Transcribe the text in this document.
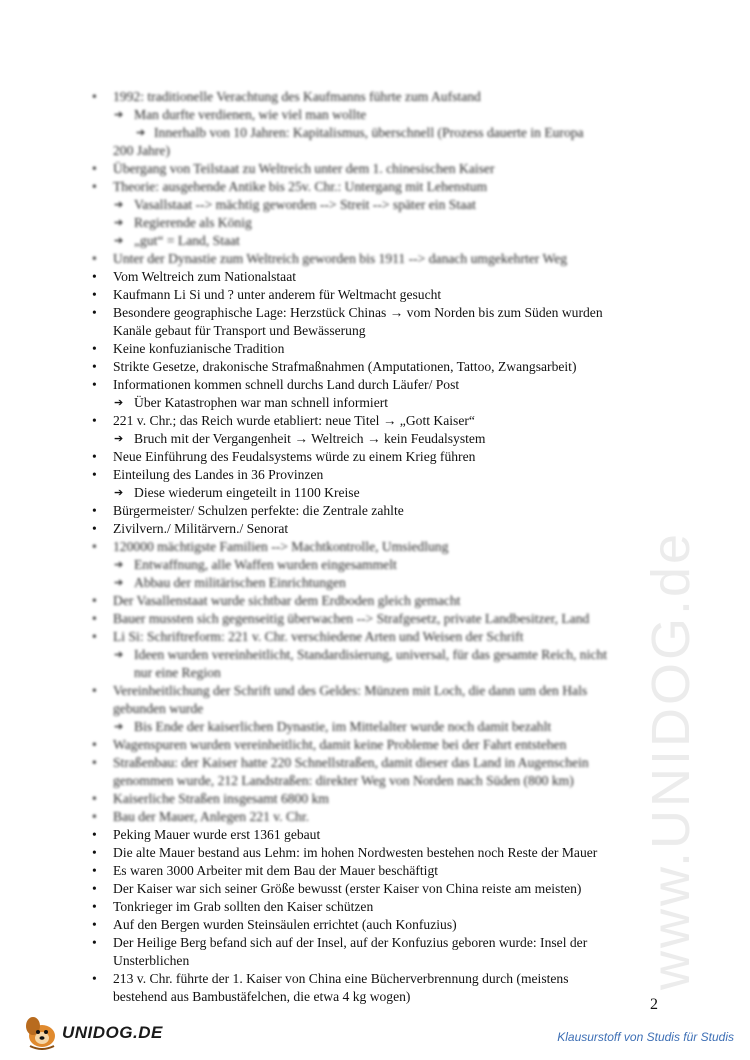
www.UNIDOG.de
• 1992: traditionelle Verachtung des Kaufmanns führte zum Aufstand
➔ Man durfte verdienen, wie viel man wollte
➔ Innerhalb von 10 Jahren: Kapitalismus, überschnell (Prozess dauerte in Europa
200 Jahre)
• Übergang von Teilstaat zu Weltreich unter dem 1. chinesischen Kaiser
• Theorie: ausgehende Antike bis 25v. Chr.: Untergang mit Lehenstum
➔ Vasallstaat --> mächtig geworden --> Streit --> später ein Staat
➔ Regierende als König
➔ „gut“ = Land, Staat
• Unter der Dynastie zum Weltreich geworden bis 1911 --> danach umgekehrter Weg
• Vom Weltreich zum Nationalstaat
• Kaufmann Li Si und ? unter anderem für Weltmacht gesucht
• Besondere geographische Lage: Herzstück Chinas → vom Norden bis zum Süden wurden
Kanäle gebaut für Transport und Bewässerung
• Keine konfuzianische Tradition
• Strikte Gesetze, drakonische Strafmaßnahmen (Amputationen, Tattoo, Zwangsarbeit)
• Informationen kommen schnell durchs Land durch Läufer/ Post
➔ Über Katastrophen war man schnell informiert
• 221 v. Chr.; das Reich wurde etabliert: neue Titel → „Gott Kaiser“
➔ Bruch mit der Vergangenheit → Weltreich → kein Feudalsystem
• Neue Einführung des Feudalsystems würde zu einem Krieg führen
• Einteilung des Landes in 36 Provinzen
➔ Diese wiederum eingeteilt in 1100 Kreise
• Bürgermeister/ Schulzen perfekte: die Zentrale zahlte
• Zivilvern./ Militärvern./ Senorat
• 120000 mächtigste Familien --> Machtkontrolle, Umsiedlung
➔ Entwaffnung, alle Waffen wurden eingesammelt
➔ Abbau der militärischen Einrichtungen
• Der Vasallenstaat wurde sichtbar dem Erdboden gleich gemacht
• Bauer mussten sich gegenseitig überwachen --> Strafgesetz, private Landbesitzer, Land
• Li Si: Schriftreform: 221 v. Chr. verschiedene Arten und Weisen der Schrift
➔ Ideen wurden vereinheitlicht, Standardisierung, universal, für das gesamte Reich, nicht
nur eine Region
• Vereinheitlichung der Schrift und des Geldes: Münzen mit Loch, die dann um den Hals
gebunden wurde
➔ Bis Ende der kaiserlichen Dynastie, im Mittelalter wurde noch damit bezahlt
• Wagenspuren wurden vereinheitlicht, damit keine Probleme bei der Fahrt entstehen
• Straßenbau: der Kaiser hatte 220 Schnellstraßen, damit dieser das Land in Augenschein
genommen wurde, 212 Landstraßen: direkter Weg von Norden nach Süden (800 km)
• Kaiserliche Straßen insgesamt 6800 km
• Bau der Mauer, Anlegen 221 v. Chr.
• Peking Mauer wurde erst 1361 gebaut
• Die alte Mauer bestand aus Lehm: im hohen Nordwesten bestehen noch Reste der Mauer
• Es waren 3000 Arbeiter mit dem Bau der Mauer beschäftigt
• Der Kaiser war sich seiner Größe bewusst (erster Kaiser von China reiste am meisten)
• Tonkrieger im Grab sollten den Kaiser schützen
• Auf den Bergen wurden Steinsäulen errichtet (auch Konfuzius)
• Der Heilige Berg befand sich auf der Insel, auf der Konfuzius geboren wurde: Insel der
Unsterblichen
• 213 v. Chr. führte der 1. Kaiser von China eine Bücherverbrennung durch (meistens
bestehend aus Bambustäfelchen, die etwa 4 kg wogen)	2
UNIDOG.DE	Klausurstoff von Studis für Studis
